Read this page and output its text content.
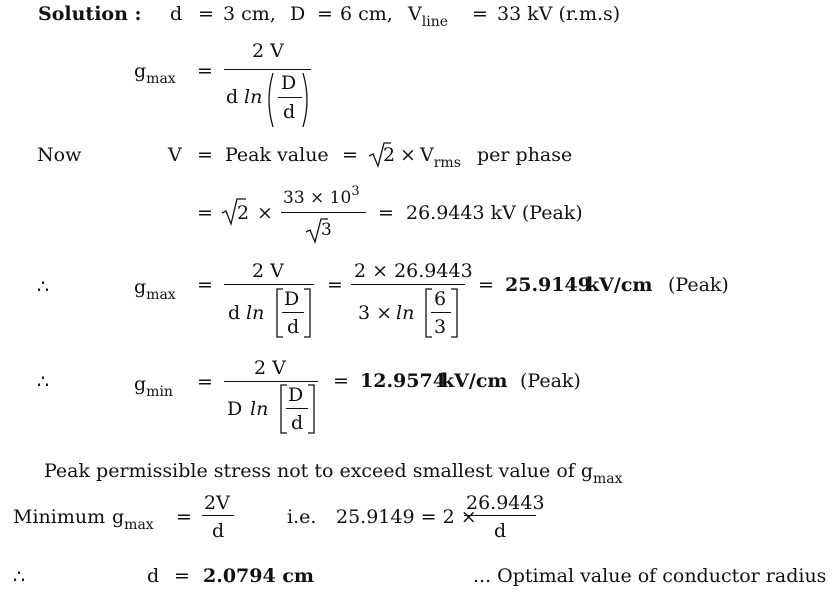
Solution : d = 3 cm, D = 6 cm, $V_{line} = 33$ kV (r.m.s)
$g_{max}$ =
2 V
d ln
D
d
Now	V = Peak value = $2 \times V_{rms}$ per phase
= 2 ×
$33 \times 10^3$
3
= 26.9443 kV (Peak)
∴	$g_{max}$ =
2 V
d ln
D
d
=
2 × 26.9443
3 × ln
6
3
= 25.9149
kV/cm (Peak)
∴	$g_{min}$ =
2 V
D ln
D
d
= 12.9574
kV/cm (Peak)
Peak permissible stress not to exceed smallest value of $g_{max}$
Minimum $g_{max}$ =
2V
d
i.e. 25.9149 = 2 ×
26.9443
d
∴	d = 2.0794 cm	... Optimal value of conductor radius
